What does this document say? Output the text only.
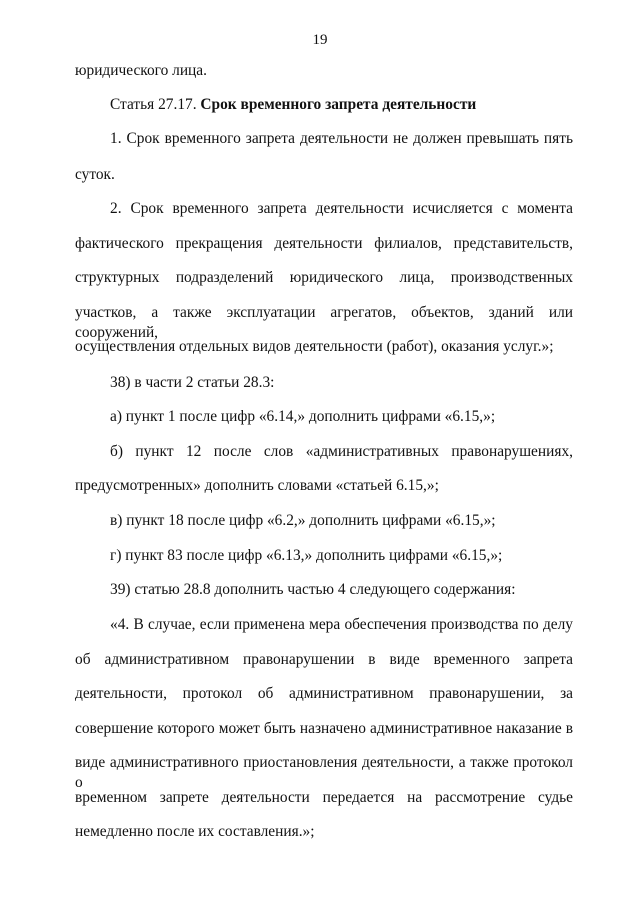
19
юридического лица.
Статья 27.17. Срок временного запрета деятельности
1. Срок временного запрета деятельности не должен превышать пять
суток.
2. Срок временного запрета деятельности исчисляется с момента
фактического прекращения деятельности филиалов, представительств,
структурных подразделений юридического лица, производственных
участков, а также эксплуатации агрегатов, объектов, зданий или сооружений,
осуществления отдельных видов деятельности (работ), оказания услуг.»;
38) в части 2 статьи 28.3:
а) пункт 1 после цифр «6.14,» дополнить цифрами «6.15,»;
б) пункт 12 после слов «административных правонарушениях,
предусмотренных» дополнить словами «статьей 6.15,»;
в) пункт 18 после цифр «6.2,» дополнить цифрами «6.15,»;
г) пункт 83 после цифр «6.13,» дополнить цифрами «6.15,»;
39) статью 28.8 дополнить частью 4 следующего содержания:
«4. В случае, если применена мера обеспечения производства по делу
об административном правонарушении в виде временного запрета
деятельности, протокол об административном правонарушении, за
совершение которого может быть назначено административное наказание в
виде административного приостановления деятельности, а также протокол о
временном запрете деятельности передается на рассмотрение судье
немедленно после их составления.»;
